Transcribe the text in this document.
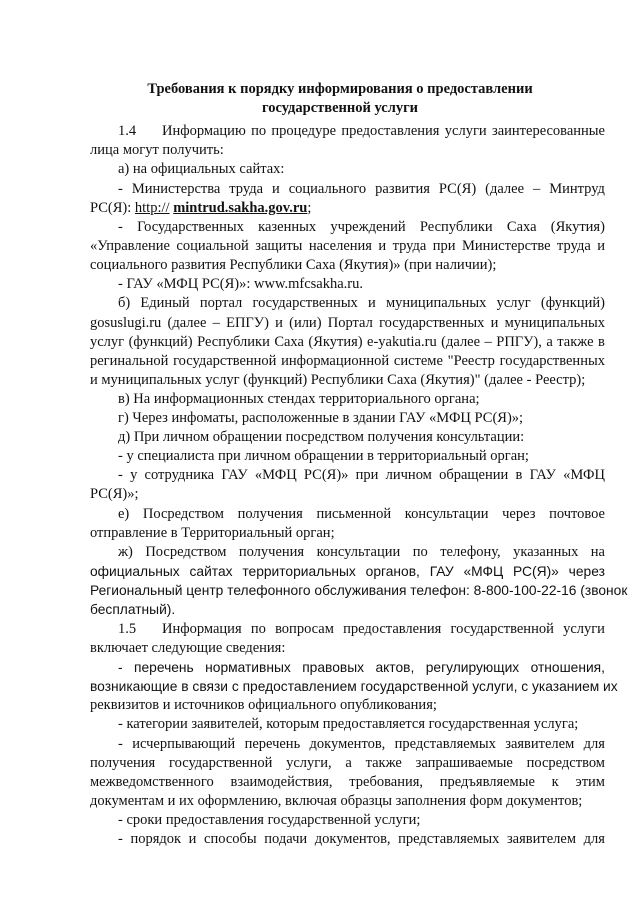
Требования к порядку информирования о предоставлении
государственной услуги
1.4	Информацию по процедуре предоставления услуги заинтересованные
лица могут получить:
а) на официальных сайтах:
- Министерства труда и социального развития РС(Я) (далее – Минтруд
РС(Я): http:// mintrud.sakha.gov.ru;
- Государственных казенных учреждений Республики Саха (Якутия)
«Управление социальной защиты населения и труда при Министерстве труда и
социального развития Республики Саха (Якутия)» (при наличии);
- ГАУ «МФЦ РС(Я)»: www.mfcsakha.ru.
б) Единый портал государственных и муниципальных услуг (функций)
gosuslugi.ru (далее – ЕПГУ) и (или) Портал государственных и муниципальных
услуг (функций) Республики Саха (Якутия) e-yakutia.ru (далее – РПГУ), а также в
регинальной государственной информационной системе "Реестр государственных
и муниципальных услуг (функций) Республики Саха (Якутия)" (далее - Реестр);
в) На информационных стендах территориального органа;
г) Через инфоматы, расположенные в здании ГАУ «МФЦ РС(Я)»;
д) При личном обращении посредством получения консультации:
- у специалиста при личном обращении в территориальный орган;
- у сотрудника ГАУ «МФЦ РС(Я)» при личном обращении в ГАУ «МФЦ
РС(Я)»;
е) Посредством получения письменной консультации через почтовое
отправление в Территориальный орган;
ж) Посредством получения консультации по телефону, указанных на
официальных сайтах территориальных органов, ГАУ «МФЦ РС(Я)» через
Региональный центр телефонного обслуживания телефон: 8-800-100-22-16 (звонок
бесплатный).
1.5	Информация по вопросам предоставления государственной услуги
включает следующие сведения:
- перечень нормативных правовых актов, регулирующих отношения,
возникающие в связи с предоставлением государственной услуги, с указанием их
реквизитов и источников официального опубликования;
- категории заявителей, которым предоставляется государственная услуга;
- исчерпывающий перечень документов, представляемых заявителем для
получения государственной услуги, а также запрашиваемые посредством
межведомственного взаимодействия, требования, предъявляемые к этим
документам и их оформлению, включая образцы заполнения форм документов;
- сроки предоставления государственной услуги;
- порядок и способы подачи документов, представляемых заявителем для
